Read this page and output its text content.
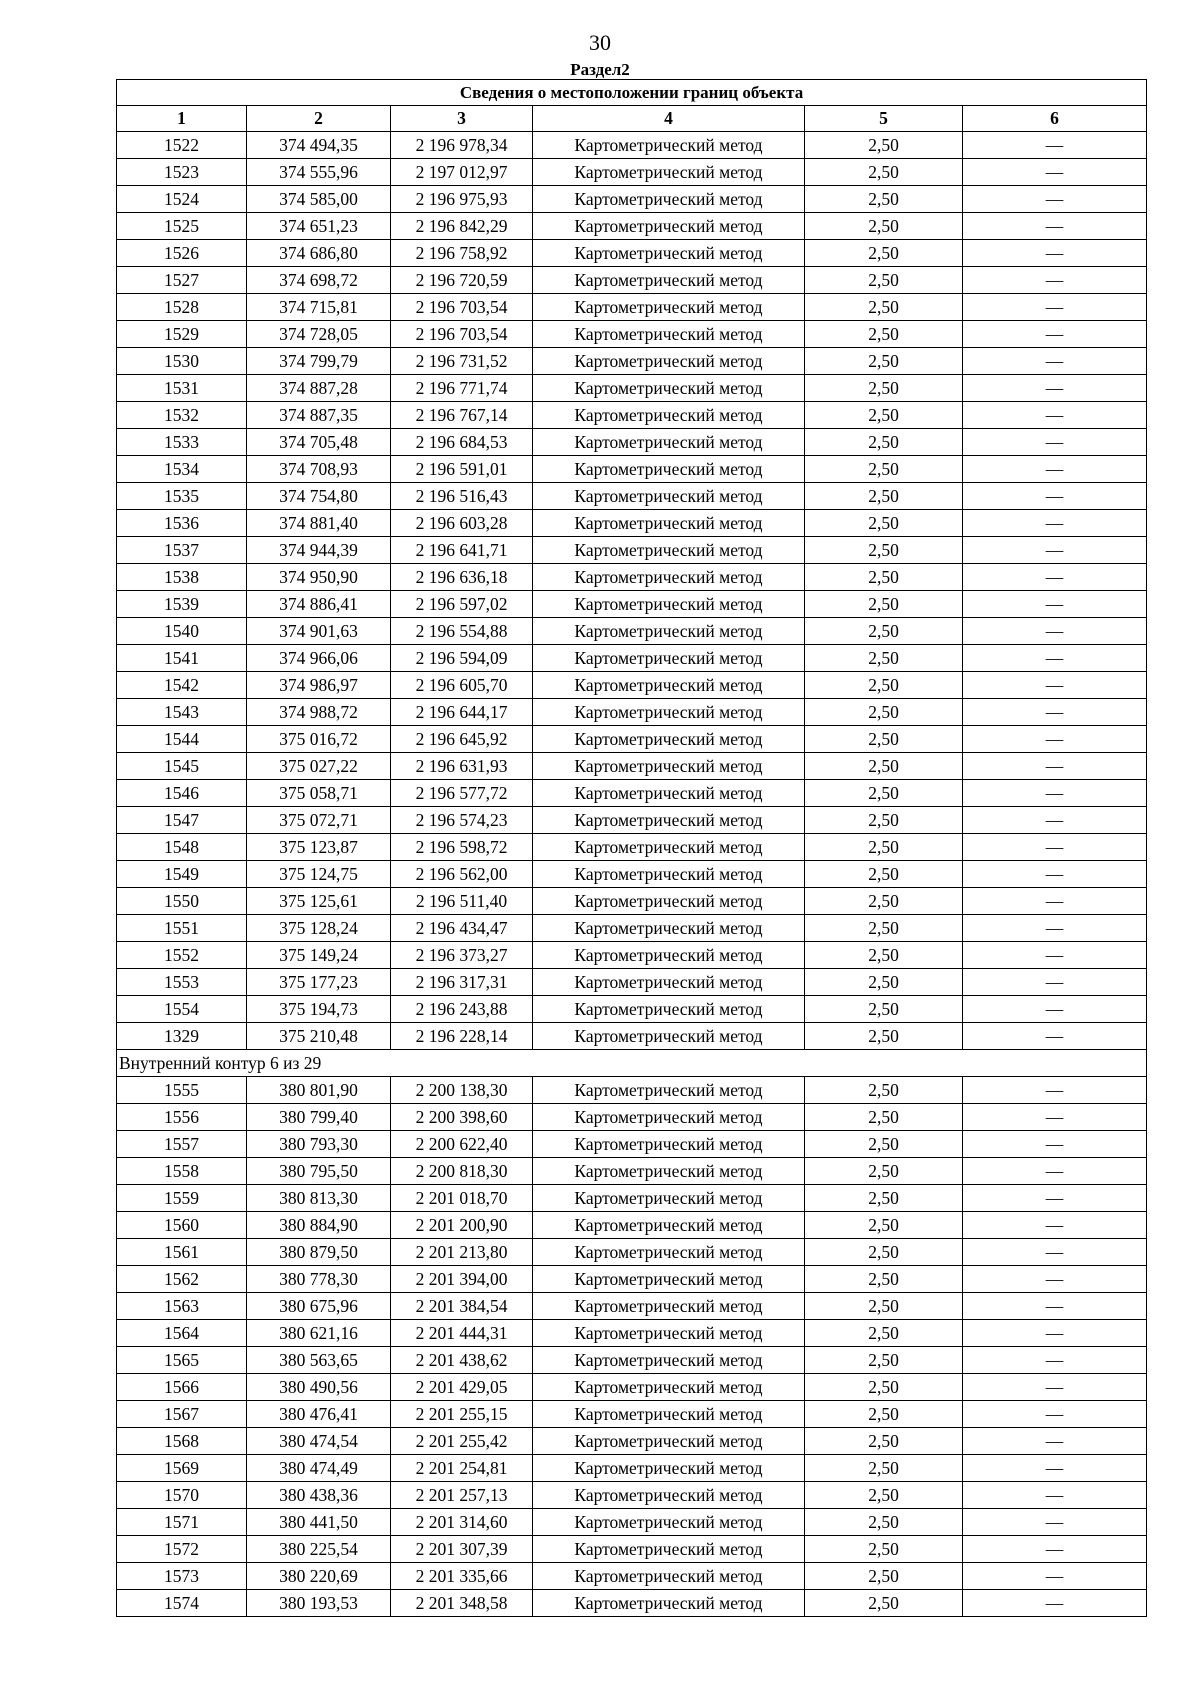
30
Раздел2
Сведения о местоположении границ объекта					
1	2	3	4	5	6
1522	374 494,35	2 196 978,34	Картометрический метод	2,50	—
1523	374 555,96	2 197 012,97	Картометрический метод	2,50	—
1524	374 585,00	2 196 975,93	Картометрический метод	2,50	—
1525	374 651,23	2 196 842,29	Картометрический метод	2,50	—
1526	374 686,80	2 196 758,92	Картометрический метод	2,50	—
1527	374 698,72	2 196 720,59	Картометрический метод	2,50	—
1528	374 715,81	2 196 703,54	Картометрический метод	2,50	—
1529	374 728,05	2 196 703,54	Картометрический метод	2,50	—
1530	374 799,79	2 196 731,52	Картометрический метод	2,50	—
1531	374 887,28	2 196 771,74	Картометрический метод	2,50	—
1532	374 887,35	2 196 767,14	Картометрический метод	2,50	—
1533	374 705,48	2 196 684,53	Картометрический метод	2,50	—
1534	374 708,93	2 196 591,01	Картометрический метод	2,50	—
1535	374 754,80	2 196 516,43	Картометрический метод	2,50	—
1536	374 881,40	2 196 603,28	Картометрический метод	2,50	—
1537	374 944,39	2 196 641,71	Картометрический метод	2,50	—
1538	374 950,90	2 196 636,18	Картометрический метод	2,50	—
1539	374 886,41	2 196 597,02	Картометрический метод	2,50	—
1540	374 901,63	2 196 554,88	Картометрический метод	2,50	—
1541	374 966,06	2 196 594,09	Картометрический метод	2,50	—
1542	374 986,97	2 196 605,70	Картометрический метод	2,50	—
1543	374 988,72	2 196 644,17	Картометрический метод	2,50	—
1544	375 016,72	2 196 645,92	Картометрический метод	2,50	—
1545	375 027,22	2 196 631,93	Картометрический метод	2,50	—
1546	375 058,71	2 196 577,72	Картометрический метод	2,50	—
1547	375 072,71	2 196 574,23	Картометрический метод	2,50	—
1548	375 123,87	2 196 598,72	Картометрический метод	2,50	—
1549	375 124,75	2 196 562,00	Картометрический метод	2,50	—
1550	375 125,61	2 196 511,40	Картометрический метод	2,50	—
1551	375 128,24	2 196 434,47	Картометрический метод	2,50	—
1552	375 149,24	2 196 373,27	Картометрический метод	2,50	—
1553	375 177,23	2 196 317,31	Картометрический метод	2,50	—
1554	375 194,73	2 196 243,88	Картометрический метод	2,50	—
1329	375 210,48	2 196 228,14	Картометрический метод	2,50	—
Внутренний контур 6 из 29					
1555	380 801,90	2 200 138,30	Картометрический метод	2,50	—
1556	380 799,40	2 200 398,60	Картометрический метод	2,50	—
1557	380 793,30	2 200 622,40	Картометрический метод	2,50	—
1558	380 795,50	2 200 818,30	Картометрический метод	2,50	—
1559	380 813,30	2 201 018,70	Картометрический метод	2,50	—
1560	380 884,90	2 201 200,90	Картометрический метод	2,50	—
1561	380 879,50	2 201 213,80	Картометрический метод	2,50	—
1562	380 778,30	2 201 394,00	Картометрический метод	2,50	—
1563	380 675,96	2 201 384,54	Картометрический метод	2,50	—
1564	380 621,16	2 201 444,31	Картометрический метод	2,50	—
1565	380 563,65	2 201 438,62	Картометрический метод	2,50	—
1566	380 490,56	2 201 429,05	Картометрический метод	2,50	—
1567	380 476,41	2 201 255,15	Картометрический метод	2,50	—
1568	380 474,54	2 201 255,42	Картометрический метод	2,50	—
1569	380 474,49	2 201 254,81	Картометрический метод	2,50	—
1570	380 438,36	2 201 257,13	Картометрический метод	2,50	—
1571	380 441,50	2 201 314,60	Картометрический метод	2,50	—
1572	380 225,54	2 201 307,39	Картометрический метод	2,50	—
1573	380 220,69	2 201 335,66	Картометрический метод	2,50	—
1574	380 193,53	2 201 348,58	Картометрический метод	2,50	—
